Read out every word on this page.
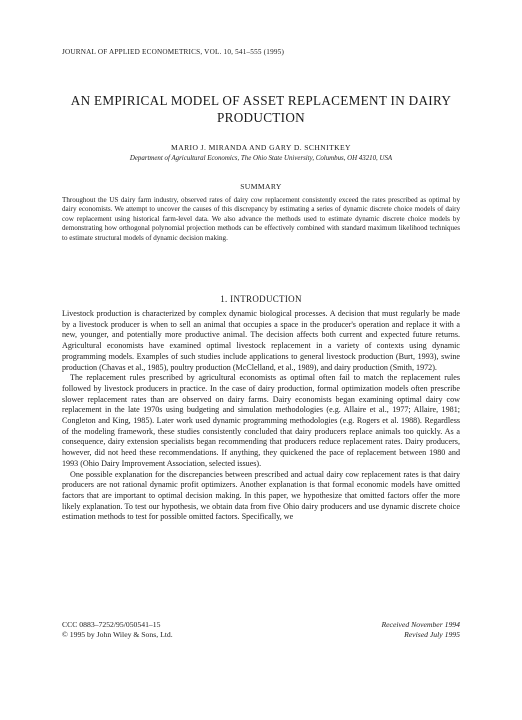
JOURNAL OF APPLIED ECONOMETRICS, VOL. 10, 541–555 (1995)
AN EMPIRICAL MODEL OF ASSET REPLACEMENT IN DAIRY PRODUCTION
MARIO J. MIRANDA AND GARY D. SCHNITKEY
Department of Agricultural Economics, The Ohio State University, Columbus, OH 43210, USA
SUMMARY
Throughout the US dairy farm industry, observed rates of dairy cow replacement consistently exceed the rates prescribed as optimal by dairy economists. We attempt to uncover the causes of this discrepancy by estimating a series of dynamic discrete choice models of dairy cow replacement using historical farm-level data. We also advance the methods used to estimate dynamic discrete choice models by demonstrating how orthogonal polynomial projection methods can be effectively combined with standard maximum likelihood techniques to estimate structural models of dynamic decision making.
1. INTRODUCTION

Livestock production is characterized by complex dynamic biological processes. A decision that must regularly be made by a livestock producer is when to sell an animal that occupies a space in the producer's operation and replace it with a new, younger, and potentially more productive animal. The decision affects both current and expected future returns. Agricultural economists have examined optimal livestock replacement in a variety of contexts using dynamic programming models. Examples of such studies include applications to general livestock production (Burt, 1993), swine production (Chavas et al., 1985), poultry production (McClelland, et al., 1989), and dairy production (Smith, 1972).

The replacement rules prescribed by agricultural economists as optimal often fail to match the replacement rules followed by livestock producers in practice. In the case of dairy production, formal optimization models often prescribe slower replacement rates than are observed on dairy farms. Dairy economists began examining optimal dairy cow replacement in the late 1970s using budgeting and simulation methodologies (e.g. Allaire et al., 1977; Allaire, 1981; Congleton and King, 1985). Later work used dynamic programming methodologies (e.g. Rogers et al. 1988). Regardless of the modeling framework, these studies consistently concluded that dairy producers replace animals too quickly. As a consequence, dairy extension specialists began recommending that producers reduce replacement rates. Dairy producers, however, did not heed these recommendations. If anything, they quickened the pace of replacement between 1980 and 1993 (Ohio Dairy Improvement Association, selected issues).

One possible explanation for the discrepancies between prescribed and actual dairy cow replacement rates is that dairy producers are not rational dynamic profit optimizers. Another explanation is that formal economic models have omitted factors that are important to optimal decision making. In this paper, we hypothesize that omitted factors offer the more likely explanation. To test our hypothesis, we obtain data from five Ohio dairy producers and use dynamic discrete choice estimation methods to test for possible omitted factors. Specifically, we

CCC 0883–7252/95/050541–15	Received November 1994
© 1995 by John Wiley & Sons, Ltd.	Revised July 1995
